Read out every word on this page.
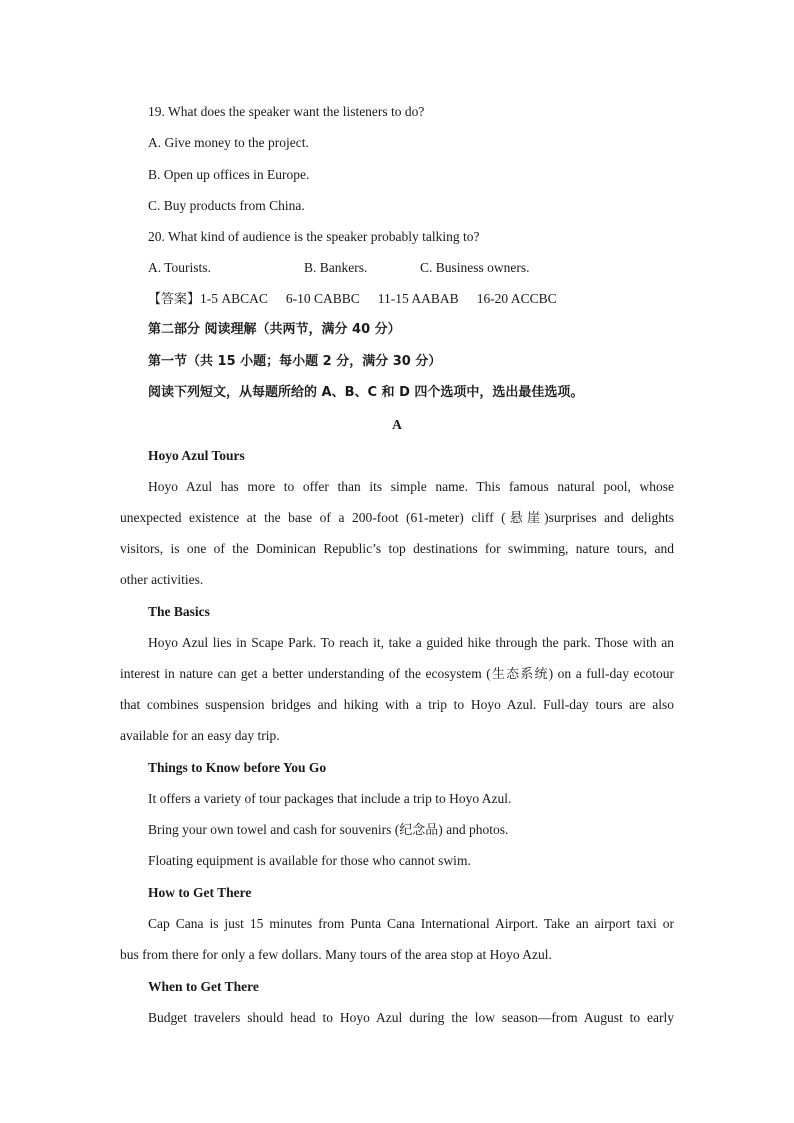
19. What does the speaker want the listeners to do?
A. Give money to the project.
B. Open up offices in Europe.
C. Buy products from China.
20. What kind of audience is the speaker probably talking to?
A. Tourists.	B. Bankers.	C. Business owners.
【答案】1-5 ABCAC 6-10 CABBC 11-15 AABAB 16-20 ACCBC
第二部分 阅读理解（共两节，满分 40 分）
第一节（共 15 小题；每小题 2 分，满分 30 分）
阅读下列短文，从每题所给的 A、B、C 和 D 四个选项中，选出最佳选项。
A
Hoyo Azul Tours
Hoyo Azul has more to offer than its simple name. This famous natural pool, whose
unexpected existence at the base of a 200-foot (61-meter) cliff (悬崖)surprises and delights
visitors, is one of the Dominican Republic’s top destinations for swimming, nature tours, and
other activities.
The Basics
Hoyo Azul lies in Scape Park. To reach it, take a guided hike through the park. Those with an
interest in nature can get a better understanding of the ecosystem (生态系统) on a full-day ecotour
that combines suspension bridges and hiking with a trip to Hoyo Azul. Full-day tours are also
available for an easy day trip.
Things to Know before You Go
It offers a variety of tour packages that include a trip to Hoyo Azul.
Bring your own towel and cash for souvenirs (纪念品) and photos.
Floating equipment is available for those who cannot swim.
How to Get There
Cap Cana is just 15 minutes from Punta Cana International Airport. Take an airport taxi or
bus from there for only a few dollars. Many tours of the area stop at Hoyo Azul.
When to Get There
Budget travelers should head to Hoyo Azul during the low season—from August to early
